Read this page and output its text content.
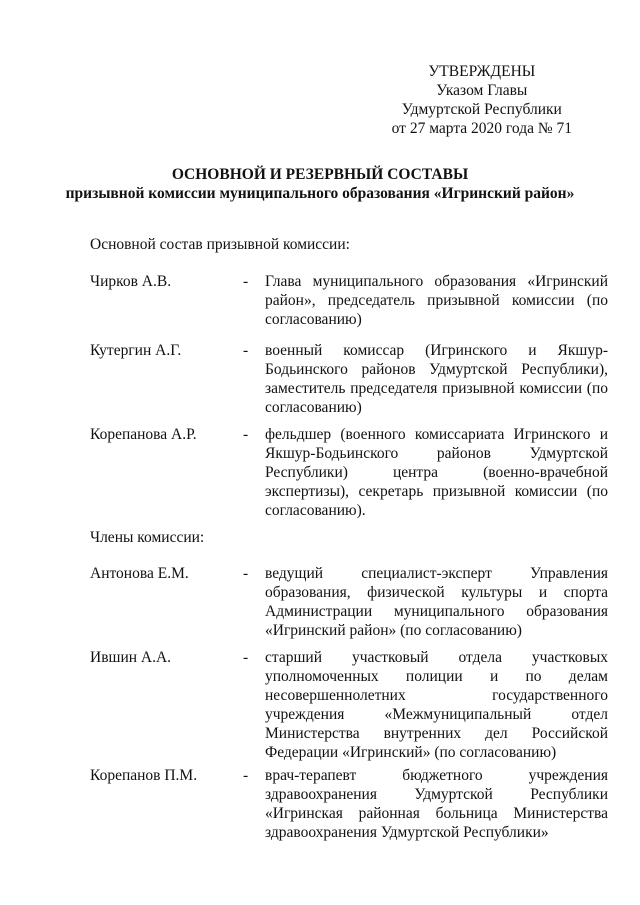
УТВЕРЖДЕНЫ
Указом Главы
Удмуртской Республики
от 27 марта 2020 года № 71
ОСНОВНОЙ И РЕЗЕРВНЫЙ СОСТАВЫ
призывной комиссии муниципального образования «Игринский район»
Основной состав призывной комиссии:
Чирков А.В.	- Глава муниципального образования «Игринский район», председатель призывной комиссии (по согласованию)
Кутергин А.Г.	- военный комиссар (Игринского и Якшур-Бодьинского районов Удмуртской Республики), заместитель председателя призывной комиссии (по согласованию)
Корепанова А.Р.	- фельдшер (военного комиссариата Игринского и Якшур-Бодьинского районов Удмуртской Республики) центра (военно-врачебной экспертизы), секретарь призывной комиссии (по согласованию).
Члены комиссии:
Антонова Е.М.	- ведущий специалист-эксперт Управления образования, физической культуры и спорта Администрации муниципального образования «Игринский район» (по согласованию)
Ившин А.А.	- старший участковый отдела участковых уполномоченных полиции и по делам несовершеннолетних государственного учреждения «Межмуниципальный отдел Министерства внутренних дел Российской Федерации «Игринский» (по согласованию)
Корепанов П.М.	- врач-терапевт бюджетного учреждения здравоохранения Удмуртской Республики «Игринская районная больница Министерства здравоохранения Удмуртской Республики»
